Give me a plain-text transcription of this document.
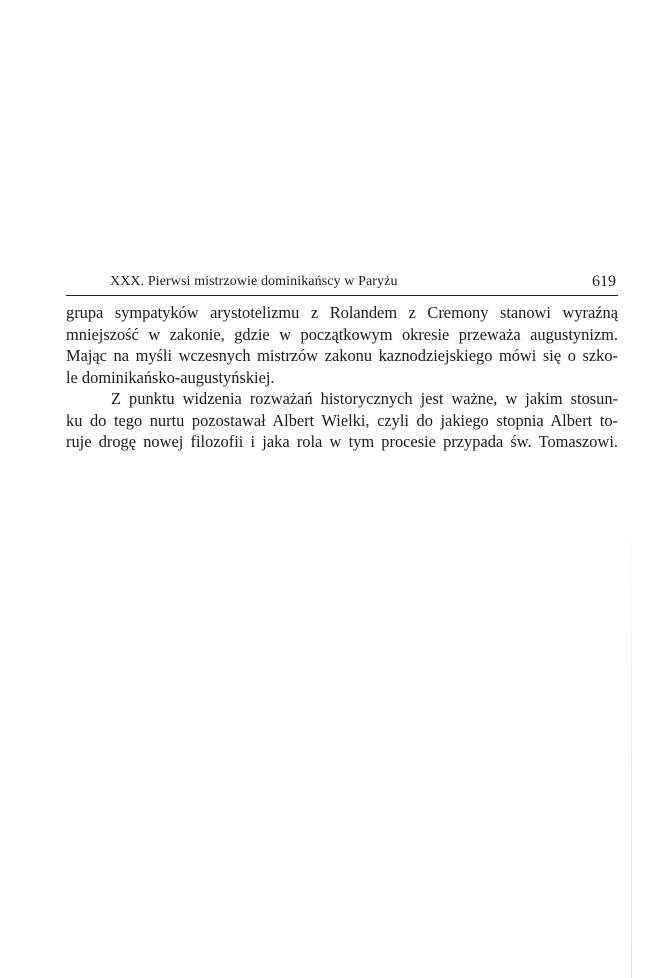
XXX. Pierwsi mistrzowie dominikańscy w Paryżu	619
grupa sympatyków arystotelizmu z Rolandem z Cremony stanowi wyraźną
mniejszość w zakonie, gdzie w początkowym okresie przeważa augustynizm.
Mając na myśli wczesnych mistrzów zakonu kaznodziejskiego mówi się o szko-
le dominikańsko-augustyńskiej.
Z punktu widzenia rozważań historycznych jest ważne, w jakim stosun-
ku do tego nurtu pozostawał Albert Wielki, czyli do jakiego stopnia Albert to-
ruje drogę nowej filozofii i jaka rola w tym procesie przypada św. Tomaszowi.
